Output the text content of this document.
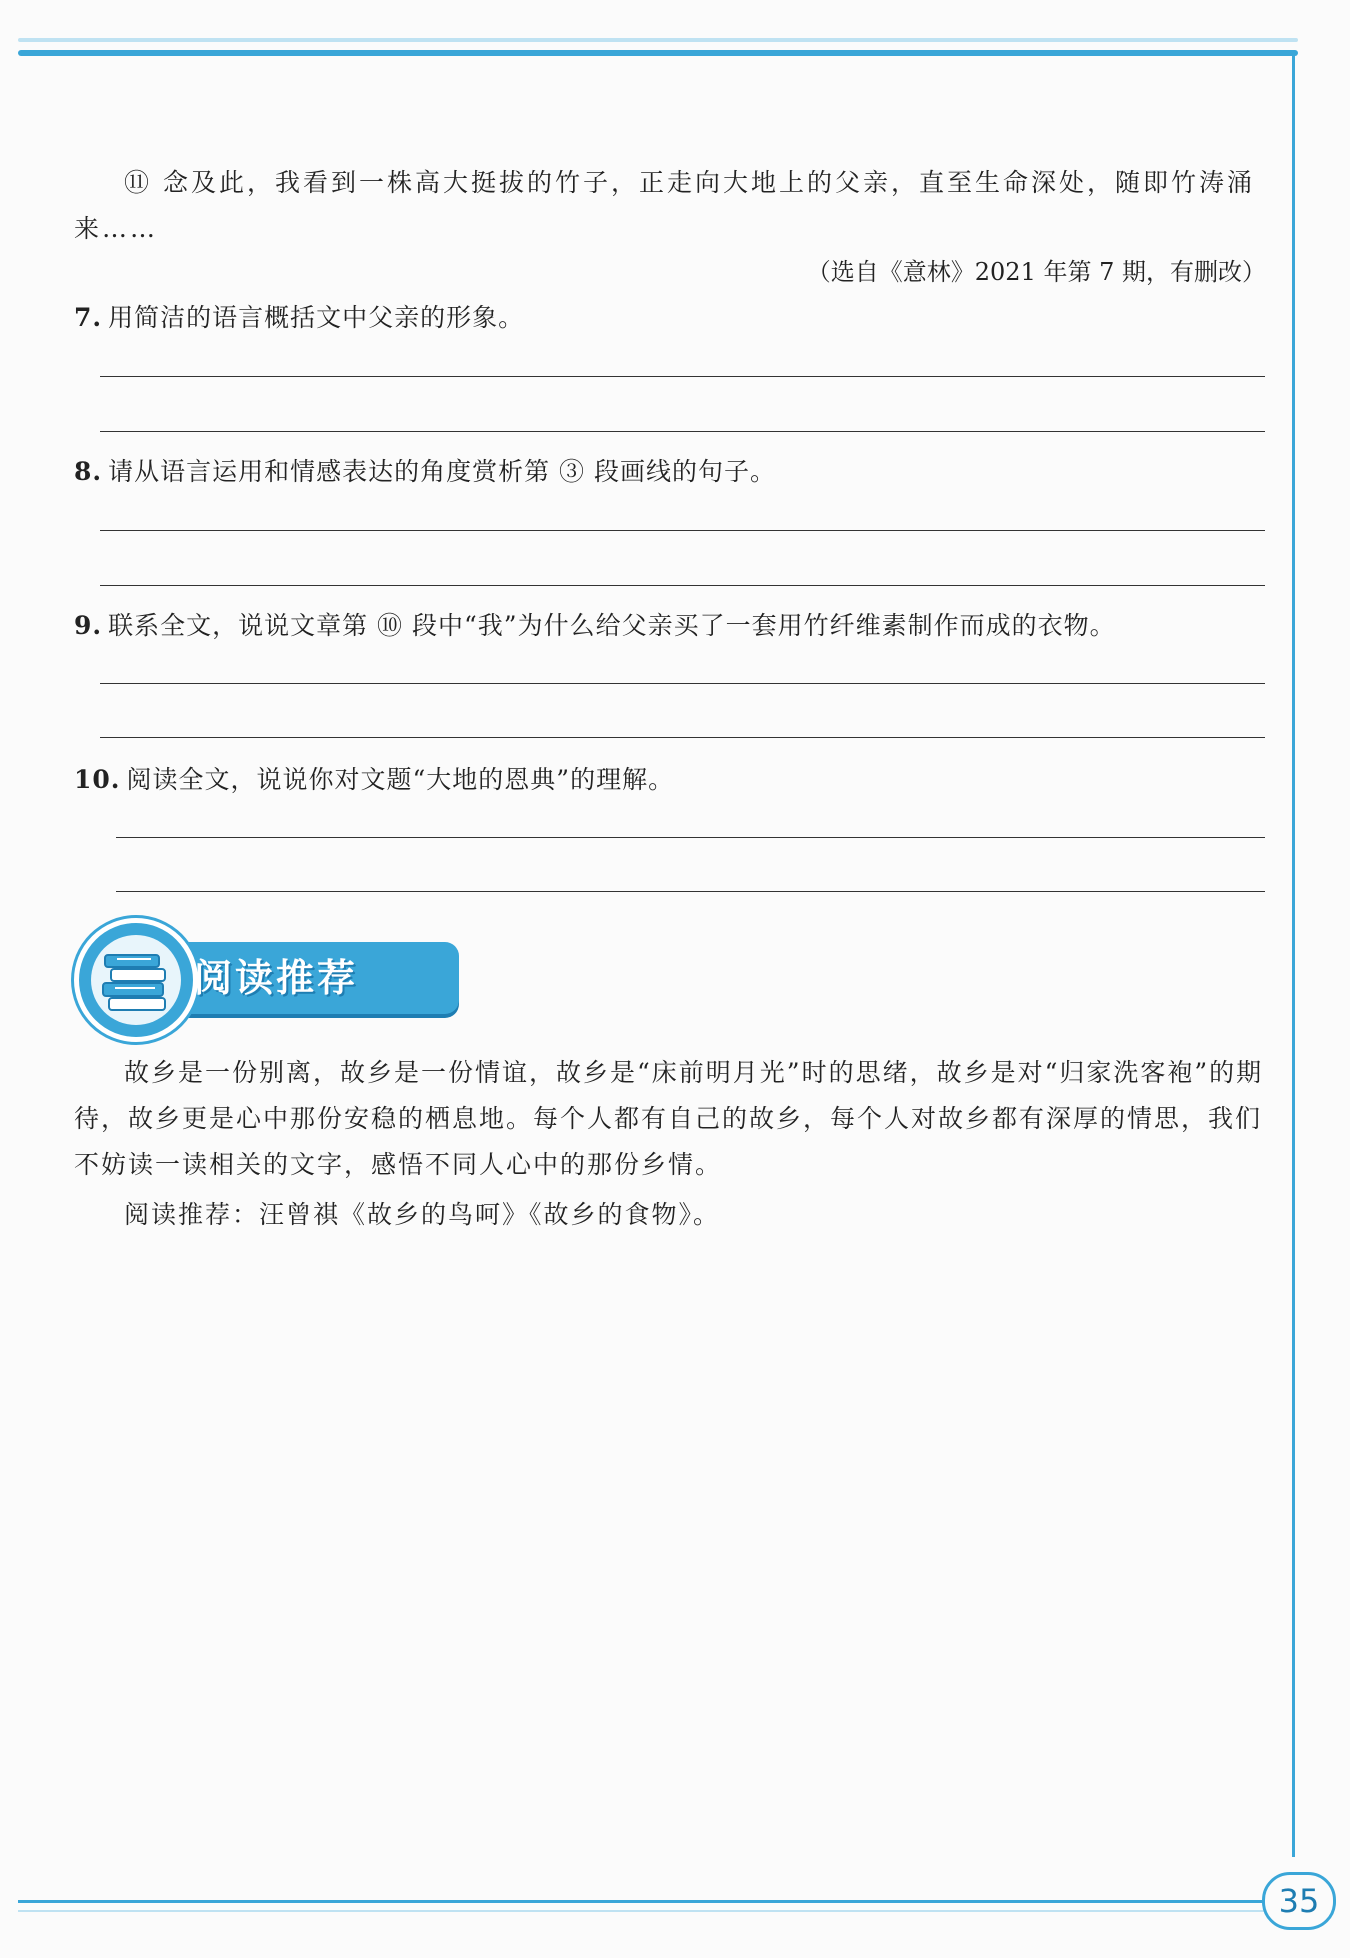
35

⑪ 念及此，我看到一株高大挺拔的竹子，正走向大地上的父亲，直至生命深处，随即竹涛涌来……

（选自《意林》2021 年第 7 期，有删改）
7. 用简洁的语言概括文中父亲的形象。
8. 请从语言运用和情感表达的角度赏析第 ③ 段画线的句子。
9. 联系全文，说说文章第 ⑩ 段中“我”为什么给父亲买了一套用竹纤维素制作而成的衣物。
10. 阅读全文，说说你对文题“大地的恩典”的理解。
阅读推荐

故乡是一份别离，故乡是一份情谊，故乡是“床前明月光”时的思绪，故乡是对“归家洗客袍”的期待，故乡更是心中那份安稳的栖息地。每个人都有自己的故乡，每个人对故乡都有深厚的情思，我们不妨读一读相关的文字，感悟不同人心中的那份乡情。

阅读推荐：汪曾祺《故乡的鸟呵》《故乡的食物》。
